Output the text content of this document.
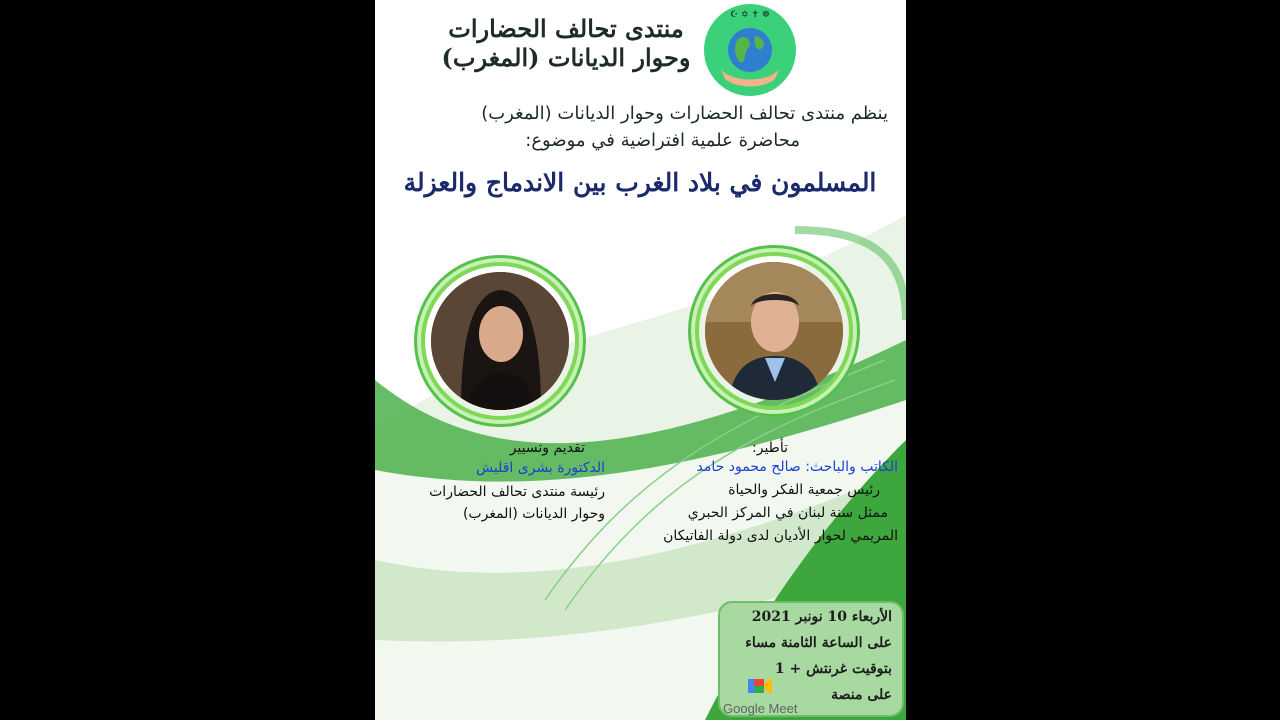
☪ ✡ ✝ ☸
منتدى تحالف الحضارات
وحوار الديانات (المغرب)
ينظم منتدى تحالف الحضارات وحوار الديانات (المغرب)
محاضرة علمية افتراضية في موضوع:
المسلمون في بلاد الغرب بين الاندماج والعزلة
تقديم وتسيير
الدكتورة بشرى اقليش
رئيسة منتدى تحالف الحضارات
وحوار الديانات (المغرب)
تأطير:
الكاتب والباحث: صالح محمود حامد
رئيس جمعية الفكر والحياة
ممثل سنة لبنان في المركز الحبري
المريمي لحوار الأديان لدى دولة الفاتيكان
الأربعاء 10 نونبر 2021
على الساعة الثامنة مساء
بتوقيت غرنتش + 1
على منصة
Google Meet
